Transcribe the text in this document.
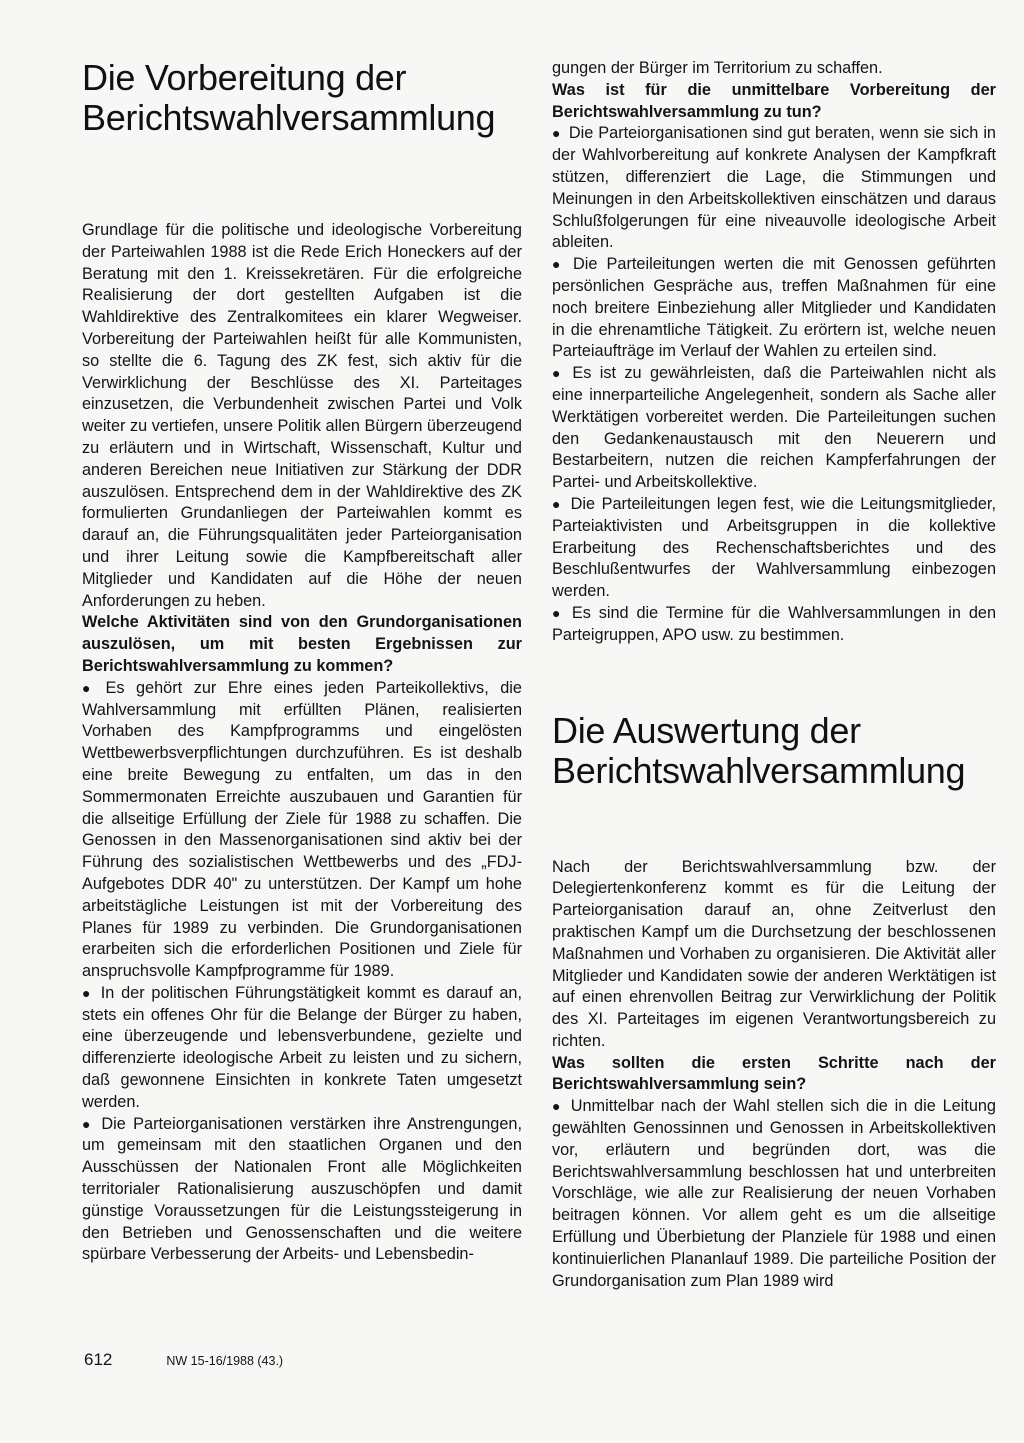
Die Vorbereitung der
Berichtswahlversammlung

Grundlage für die politische und ideologische Vorbereitung der Parteiwahlen 1988 ist die Rede Erich Honeckers auf der Beratung mit den 1. Kreissekretären. Für die erfolgreiche Realisierung der dort gestellten Aufgaben ist die Wahldirektive des Zentralkomitees ein klarer Wegweiser. Vorbereitung der Parteiwahlen heißt für alle Kommunisten, so stellte die 6. Tagung des ZK fest, sich aktiv für die Verwirklichung der Beschlüsse des XI. Parteitages einzusetzen, die Verbundenheit zwischen Partei und Volk weiter zu vertiefen, unsere Politik allen Bürgern überzeugend zu erläutern und in Wirtschaft, Wissenschaft, Kultur und anderen Bereichen neue Initiativen zur Stärkung der DDR auszulösen. Entsprechend dem in der Wahldirektive des ZK formulierten Grundanliegen der Parteiwahlen kommt es darauf an, die Führungsqualitäten jeder Parteiorganisation und ihrer Leitung sowie die Kampfbereitschaft aller Mitglieder und Kandidaten auf die Höhe der neuen Anforderungen zu heben.

Welche Aktivitäten sind von den Grundorganisationen auszulösen, um mit besten Ergebnissen zur Berichtswahlversammlung zu kommen?

● Es gehört zur Ehre eines jeden Parteikollektivs, die Wahlversammlung mit erfüllten Plänen, realisierten Vorhaben des Kampfprogramms und eingelösten Wettbewerbsverpflichtungen durchzuführen. Es ist deshalb eine breite Bewegung zu entfalten, um das in den Sommermonaten Erreichte auszubauen und Garantien für die allseitige Erfüllung der Ziele für 1988 zu schaffen. Die Genossen in den Massenorganisationen sind aktiv bei der Führung des sozialistischen Wettbewerbs und des „FDJ-Aufgebotes DDR 40" zu unterstützen. Der Kampf um hohe arbeitstägliche Leistungen ist mit der Vorbereitung des Planes für 1989 zu verbinden. Die Grundorganisationen erarbeiten sich die erforderlichen Positionen und Ziele für anspruchsvolle Kampfprogramme für 1989.

● In der politischen Führungstätigkeit kommt es darauf an, stets ein offenes Ohr für die Belange der Bürger zu haben, eine überzeugende und lebensverbundene, gezielte und differenzierte ideologische Arbeit zu leisten und zu sichern, daß gewonnene Einsichten in konkrete Taten umgesetzt werden.

● Die Parteiorganisationen verstärken ihre Anstrengungen, um gemeinsam mit den staatlichen Organen und den Ausschüssen der Nationalen Front alle Möglichkeiten territorialer Rationalisierung auszuschöpfen und damit günstige Voraussetzungen für die Leistungssteigerung in den Betrieben und Genossenschaften und die weitere spürbare Verbesserung der Arbeits- und Lebensbedin-

gungen der Bürger im Territorium zu schaffen.

Was ist für die unmittelbare Vorbereitung der Berichtswahlversammlung zu tun?

● Die Parteiorganisationen sind gut beraten, wenn sie sich in der Wahlvorbereitung auf konkrete Analysen der Kampfkraft stützen, differenziert die Lage, die Stimmungen und Meinungen in den Arbeitskollektiven einschätzen und daraus Schlußfolgerungen für eine niveauvolle ideologische Arbeit ableiten.

● Die Parteileitungen werten die mit Genossen geführten persönlichen Gespräche aus, treffen Maßnahmen für eine noch breitere Einbeziehung aller Mitglieder und Kandidaten in die ehrenamtliche Tätigkeit. Zu erörtern ist, welche neuen Parteiaufträge im Verlauf der Wahlen zu erteilen sind.

● Es ist zu gewährleisten, daß die Parteiwahlen nicht als eine innerparteiliche Angelegenheit, sondern als Sache aller Werktätigen vorbereitet werden. Die Parteileitungen suchen den Gedankenaustausch mit den Neuerern und Bestarbeitern, nutzen die reichen Kampferfahrungen der Partei- und Arbeitskollektive.

● Die Parteileitungen legen fest, wie die Leitungsmitglieder, Parteiaktivisten und Arbeitsgruppen in die kollektive Erarbeitung des Rechenschaftsberichtes und des Beschlußentwurfes der Wahlversammlung einbezogen werden.

● Es sind die Termine für die Wahlversammlungen in den Parteigruppen, APO usw. zu bestimmen.

Die Auswertung der
Berichtswahlversammlung

Nach der Berichtswahlversammlung bzw. der Delegiertenkonferenz kommt es für die Leitung der Parteiorganisation darauf an, ohne Zeitverlust den praktischen Kampf um die Durchsetzung der beschlossenen Maßnahmen und Vorhaben zu organisieren. Die Aktivität aller Mitglieder und Kandidaten sowie der anderen Werktätigen ist auf einen ehrenvollen Beitrag zur Verwirklichung der Politik des XI. Parteitages im eigenen Verantwortungsbereich zu richten.

Was sollten die ersten Schritte nach der Berichtswahlversammlung sein?

● Unmittelbar nach der Wahl stellen sich die in die Leitung gewählten Genossinnen und Genossen in Arbeitskollektiven vor, erläutern und begründen dort, was die Berichtswahlversammlung beschlossen hat und unterbreiten Vorschläge, wie alle zur Realisierung der neuen Vorhaben beitragen können. Vor allem geht es um die allseitige Erfüllung und Überbietung der Planziele für 1988 und einen kontinuierlichen Plananlauf 1989. Die parteiliche Position der Grundorganisation zum Plan 1989 wird

612	NW 15-16/1988 (43.)
